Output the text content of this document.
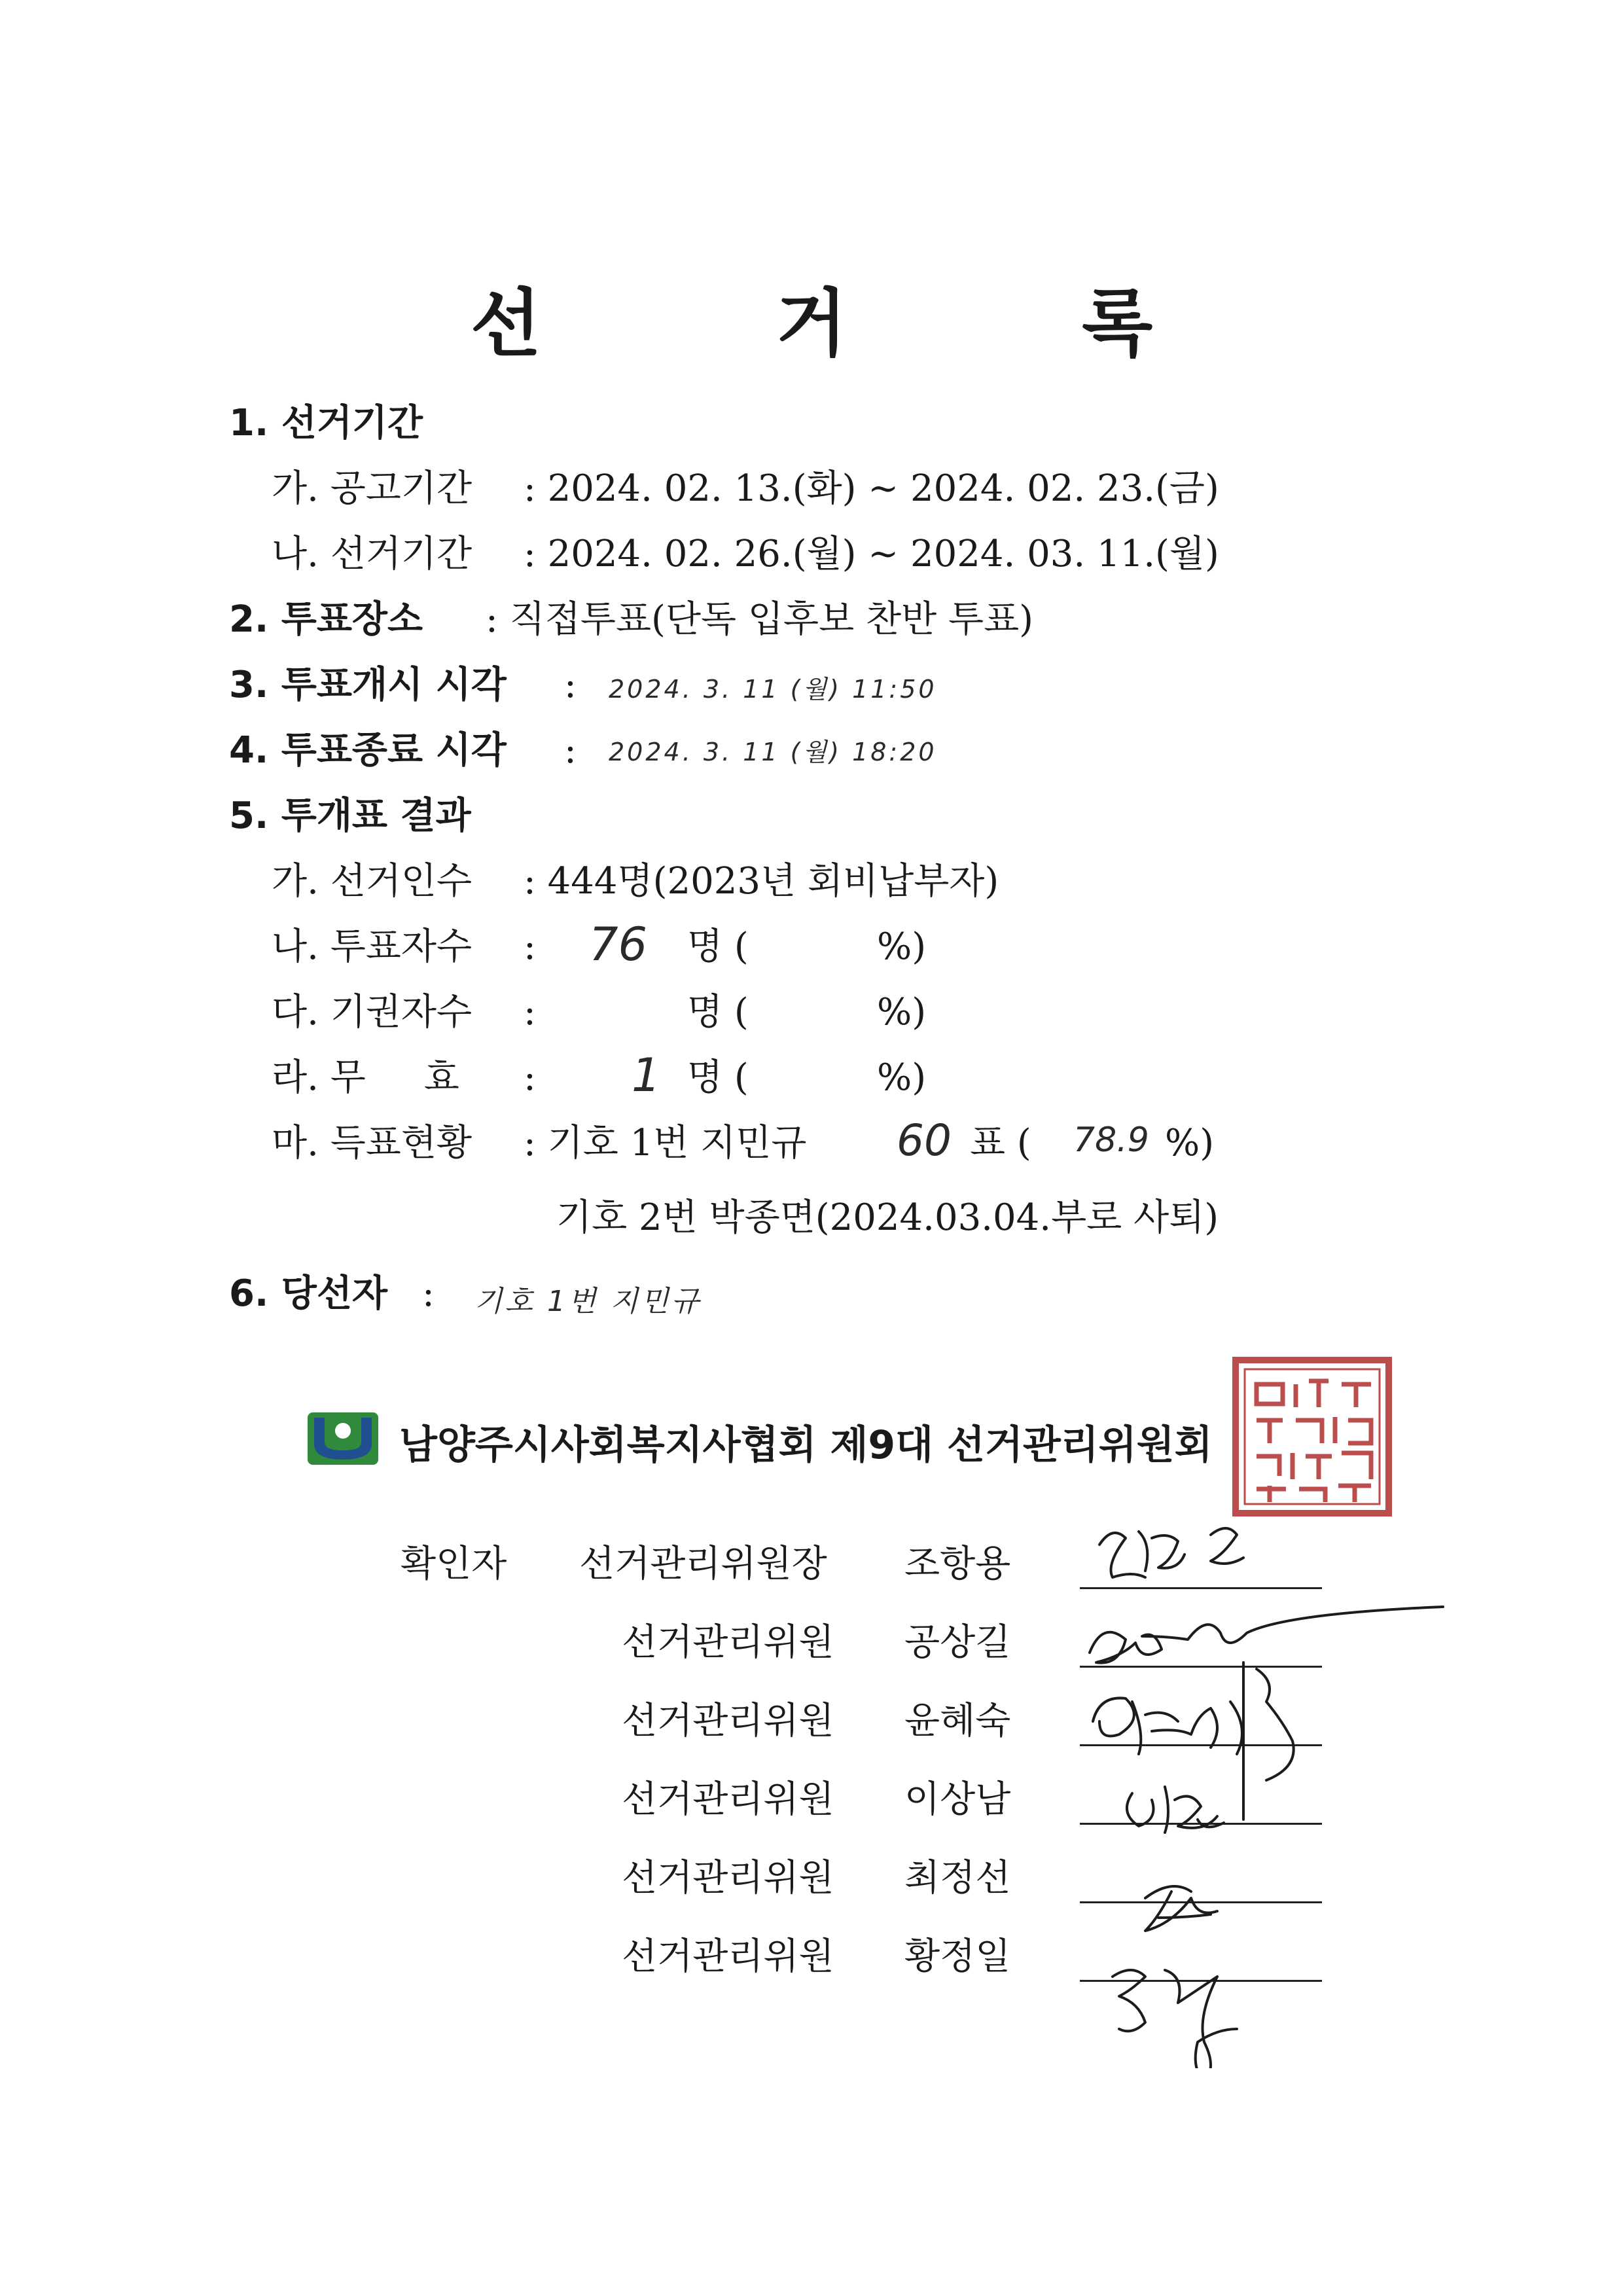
선 거 록
1. 선거기간
가. 공고기간 : 2024. 02. 13.(화) ~ 2024. 02. 23.(금)
나. 선거기간 : 2024. 02. 26.(월) ~ 2024. 03. 11.(월)
2. 투표장소 : 직접투표(단독 입후보 찬반 투표)
3. 투표개시 시각 : 2024. 3. 11 (월) 11:50
4. 투표종료 시각 : 2024. 3. 11 (월) 18:20
5. 투개표 결과
가. 선거인수 : 444명(2023년 회비납부자)
나. 투표자수 : 76 명 (	%)
다. 기권자수 :	명 (	%)
라. 무     효 : 1 명 (	%)
마. 득표현황 : 기호 1번 지민규 60 표 ( 78.9 %)
기호 2번 박종면(2024.03.04.부로 사퇴)
6. 당선자 : 기호 1번 지민규
남양주시사회복지사협회 제9대 선거관리위원회
확인자 선거관리위원장 조항용
선거관리위원 공상길
선거관리위원 윤혜숙
선거관리위원 이상남
선거관리위원 최정선
선거관리위원 황정일
